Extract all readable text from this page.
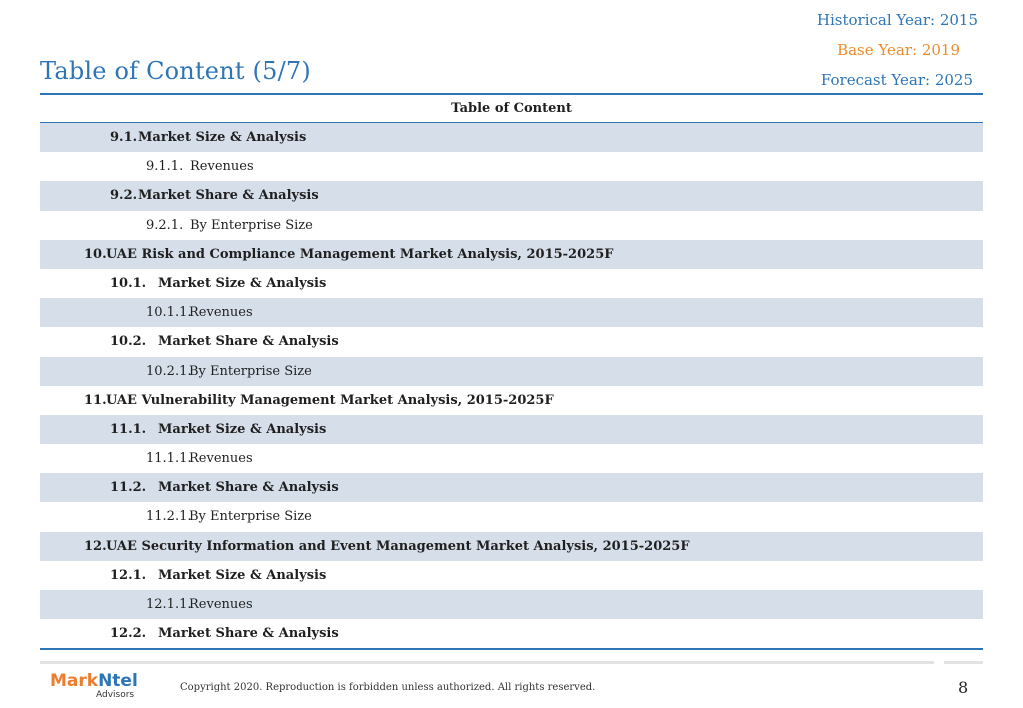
Historical Year: 2015
Base Year: 2019
Forecast Year: 2025
Table of Content (5/7)
Table of Content
9.1. Market Size & Analysis
9.1.1. Revenues
9.2. Market Share & Analysis
9.2.1. By Enterprise Size
10. UAE Risk and Compliance Management Market Analysis, 2015-2025F
10.1. Market Size & Analysis
10.1.1.
Revenues
10.2. Market Share & Analysis
10.2.1.
By Enterprise Size
11. UAE Vulnerability Management Market Analysis, 2015-2025F
11.1. Market Size & Analysis
11.1.1.
Revenues
11.2. Market Share & Analysis
11.2.1.
By Enterprise Size
12. UAE Security Information and Event Management Market Analysis, 2015-2025F
12.1. Market Size & Analysis
12.1.1.
Revenues
12.2. Market Share & Analysis
MarkNtel
Advisors
Copyright 2020. Reproduction is forbidden unless authorized. All rights reserved.	8
